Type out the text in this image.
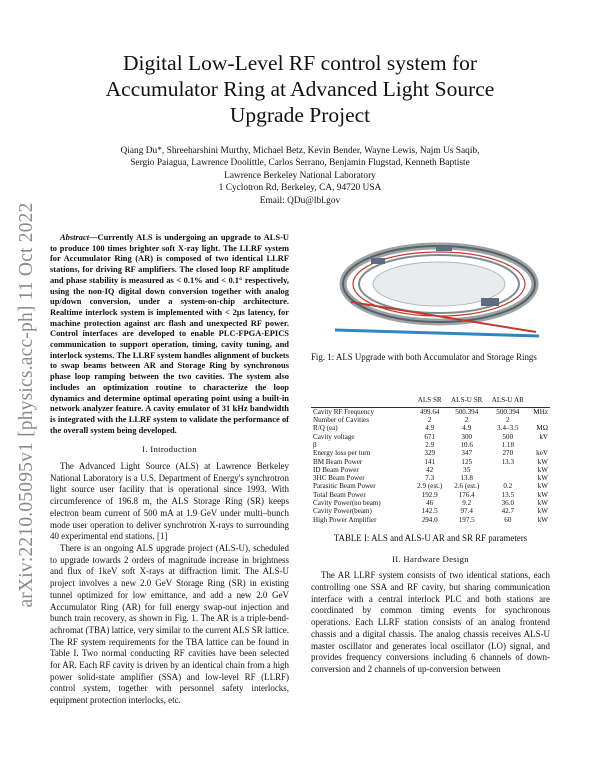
arXiv:2210.05095v1 [physics.acc-ph] 11 Oct 2022
Digital Low-Level RF control system for
Accumulator Ring at Advanced Light Source
Upgrade Project
Qiang Du*, Shreeharshini Murthy, Michael Betz, Kevin Bender, Wayne Lewis, Najm Us Saqib,
Sergio Paiagua, Lawrence Doolittle, Carlos Serrano, Benjamin Flugstad, Kenneth Baptiste
Lawrence Berkeley National Laboratory
1 Cyclotron Rd, Berkeley, CA, 94720 USA
Email: QDu@lbl.gov

Abstract—Currently ALS is undergoing an upgrade to ALS-U to produce 100 times brighter soft X-ray light. The LLRF system for Accumulator Ring (AR) is composed of two identical LLRF stations, for driving RF amplifiers. The closed loop RF amplitude and phase stability is measured as < 0.1% and < 0.1° respectively, using the non-IQ digital down conversion together with analog up/down conversion, under a system-on-chip architecture. Realtime interlock system is implemented with < 2μs latency, for machine protection against arc flash and unexpected RF power. Control interfaces are developed to enable PLC-FPGA-EPICS communication to support operation, timing, cavity tuning, and interlock systems. The LLRF system handles alignment of buckets to swap beams between AR and Storage Ring by synchronous phase loop ramping between the two cavities. The system also includes an optimization routine to characterize the loop dynamics and determine optimal operating point using a built-in network analyzer feature. A cavity emulator of 31 kHz bandwidth is integrated with the LLRF system to validate the performance of the overall system being developed.

I. Introduction

The Advanced Light Source (ALS) at Lawrence Berkeley National Laboratory is a U.S. Department of Energy's synchrotron light source user facility that is operational since 1993. With circumference of 196.8 m, the ALS Storage Ring (SR) keeps electron beam current of 500 mA at 1.9 GeV under multi–bunch mode user operation to deliver synchrotron X-rays to surrounding 40 experimental end stations. [1]

There is an ongoing ALS upgrade project (ALS-U), scheduled to upgrade towards 2 orders of magnitude increase in brightness and flux of 1keV soft X-rays at diffraction limit. The ALS-U project involves a new 2.0 GeV Storage Ring (SR) in existing tunnel optimized for low emittance, and add a new 2.0 GeV Accumulator Ring (AR) for full energy swap-out injection and bunch train recovery, as shown in Fig. 1. The AR is a triple-bend-achromat (TBA) lattice, very similar to the current ALS SR lattice. The RF system requirements for the TBA lattice can be found in Table I. Two normal conducting RF cavities have been selected for AR. Each RF cavity is driven by an identical chain from a high power solid-state amplifier (SSA) and low-level RF (LLRF) control system, together with personnel safety interlocks, equipment protection interlocks, etc.

Fig. 1: ALS Upgrade with both Accumulator and Storage Rings
	ALS SR	ALS-U SR	ALS-U AR	
Cavity RF Frequency	499.64	500.394	500.394	MHz
Number of Cavities	2	2	2	
R/Q (ea)	4.9	4.9	3.4–3.5	MΩ
Cavity voltage	671	300	500	kV
β	2.9	10.6	1.18	
Energy loss per turn	329	347	270	keV
BM Beam Power	141	125	13.3	kW
ID Beam Power	42	35		kW
3HC Beam Power	7.3	13.8		kW
Parasitic Beam Power	2.9 (est.)	2.6 (est.)	0.2	kW
Total Beam Power	192.9	176.4	13.5	kW
Cavity Power(no beam)	46	9.2	36.0	kW
Cavity Power(beam)	142.5	97.4	42.7	kW
High Power Amplifier	294.0	197.5	60	kW
TABLE I: ALS and ALS-U AR and SR RF parameters
II. Hardware Design

The AR LLRF system consists of two identical stations, each controlling one SSA and RF cavity, but sharing communication interface with a central interlock PLC and both stations are coordinated by common timing events for synchronous operations. Each LLRF station consists of an analog frontend chassis and a digital chassis. The analog chassis receives ALS-U master oscillator and generates local oscillator (LO) signal, and provides frequency conversions including 6 channels of down-conversion and 2 channels of up-conversion between
